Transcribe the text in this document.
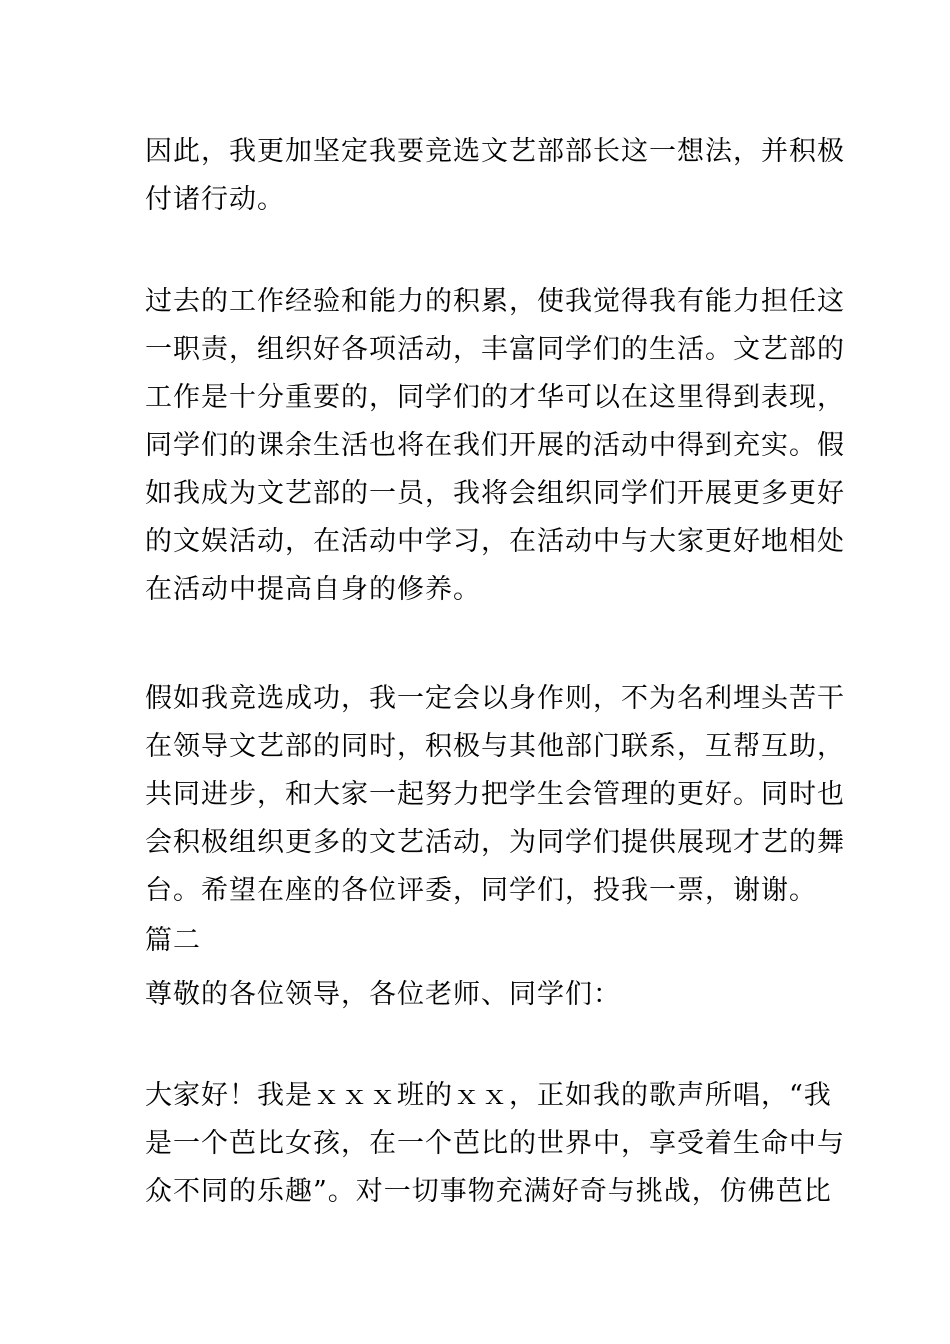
因此，我更加坚定我要竞选文艺部部长这一想法，并积极
付诸行动。
过去的工作经验和能力的积累，使我觉得我有能力担任这
一职责，组织好各项活动，丰富同学们的生活。文艺部的
工作是十分重要的，同学们的才华可以在这里得到表现，
同学们的课余生活也将在我们开展的活动中得到充实。假
如我成为文艺部的一员，我将会组织同学们开展更多更好
的文娱活动，在活动中学习，在活动中与大家更好地相处
在活动中提高自身的修养。
假如我竞选成功，我一定会以身作则，不为名利埋头苦干
在领导文艺部的同时，积极与其他部门联系，互帮互助，
共同进步，和大家一起努力把学生会管理的更好。同时也
会积极组织更多的文艺活动，为同学们提供展现才艺的舞
台。希望在座的各位评委，同学们，投我一票，谢谢。
篇二
尊敬的各位领导，各位老师、同学们：
大家好！我是ｘｘｘ班的ｘｘ，正如我的歌声所唱，“我
是一个芭比女孩，在一个芭比的世界中，享受着生命中与
众不同的乐趣”。对一切事物充满好奇与挑战，仿佛芭比
